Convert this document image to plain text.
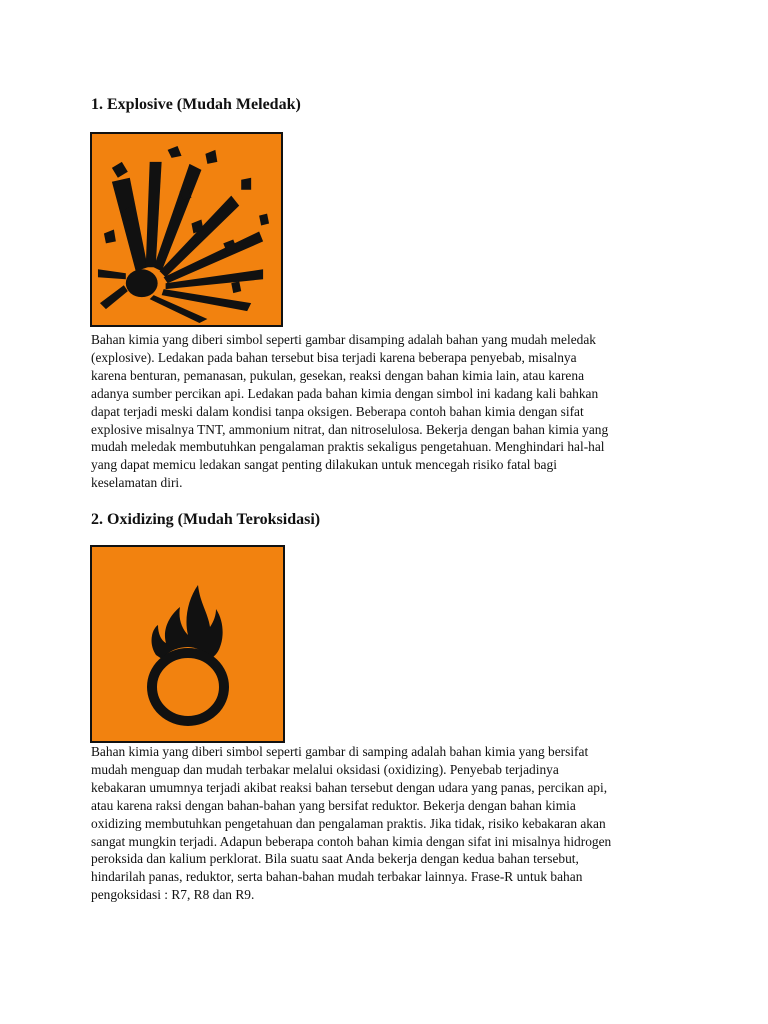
1. Explosive (Mudah Meledak)
Bahan kimia yang diberi simbol seperti gambar disamping adalah bahan yang mudah meledak
(explosive). Ledakan pada bahan tersebut bisa terjadi karena beberapa penyebab, misalnya
karena benturan, pemanasan, pukulan, gesekan, reaksi dengan bahan kimia lain, atau karena
adanya sumber percikan api. Ledakan pada bahan kimia dengan simbol ini kadang kali bahkan
dapat terjadi meski dalam kondisi tanpa oksigen. Beberapa contoh bahan kimia dengan sifat
explosive misalnya TNT, ammonium nitrat, dan nitroselulosa. Bekerja dengan bahan kimia yang
mudah meledak membutuhkan pengalaman praktis sekaligus pengetahuan. Menghindari hal-hal
yang dapat memicu ledakan sangat penting dilakukan untuk mencegah risiko fatal bagi
keselamatan diri.
2. Oxidizing (Mudah Teroksidasi)
Bahan kimia yang diberi simbol seperti gambar di samping adalah bahan kimia yang bersifat
mudah menguap dan mudah terbakar melalui oksidasi (oxidizing). Penyebab terjadinya
kebakaran umumnya terjadi akibat reaksi bahan tersebut dengan udara yang panas, percikan api,
atau karena raksi dengan bahan-bahan yang bersifat reduktor. Bekerja dengan bahan kimia
oxidizing membutuhkan pengetahuan dan pengalaman praktis. Jika tidak, risiko kebakaran akan
sangat mungkin terjadi. Adapun beberapa contoh bahan kimia dengan sifat ini misalnya hidrogen
peroksida dan kalium perklorat. Bila suatu saat Anda bekerja dengan kedua bahan tersebut,
hindarilah panas, reduktor, serta bahan-bahan mudah terbakar lainnya. Frase-R untuk bahan
pengoksidasi : R7, R8 dan R9.
